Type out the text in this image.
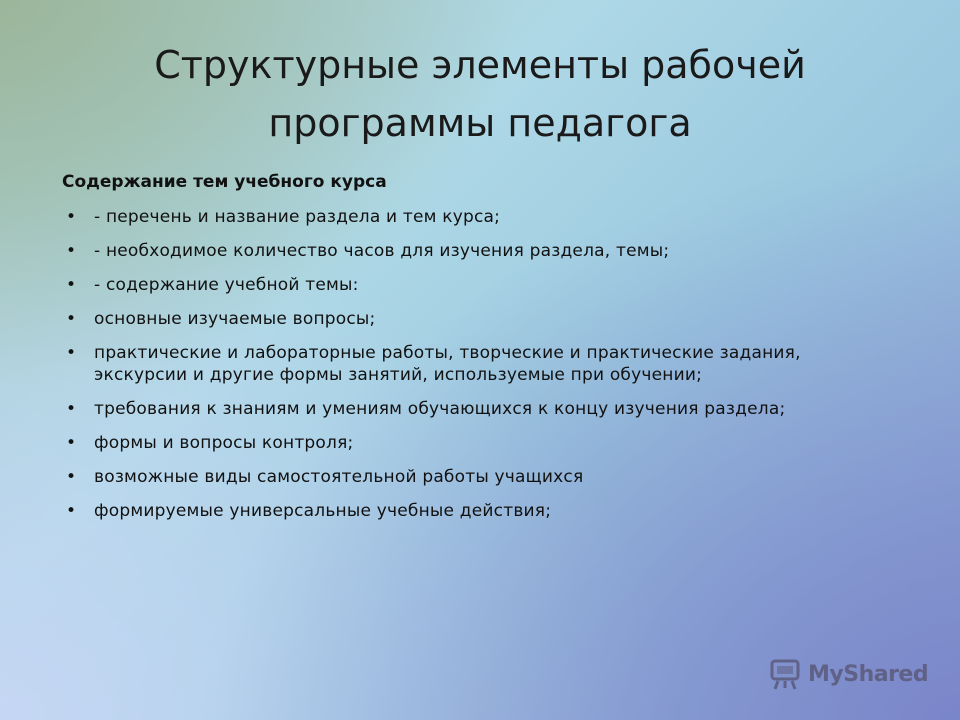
Структурные элементы рабочей программы педагога

Содержание тем учебного курса

• - перечень и название раздела и тем курса;
• - необходимое количество часов для изучения раздела, темы;
• - содержание учебной темы:
• основные изучаемые вопросы;
• практические и лабораторные работы, творческие и практические задания, экскурсии и другие формы занятий, используемые при обучении;
• требования к знаниям и умениям обучающихся к концу изучения раздела;
• формы и вопросы контроля;
• возможные виды самостоятельной работы учащихся
• формируемые универсальные учебные действия;
MyShared
